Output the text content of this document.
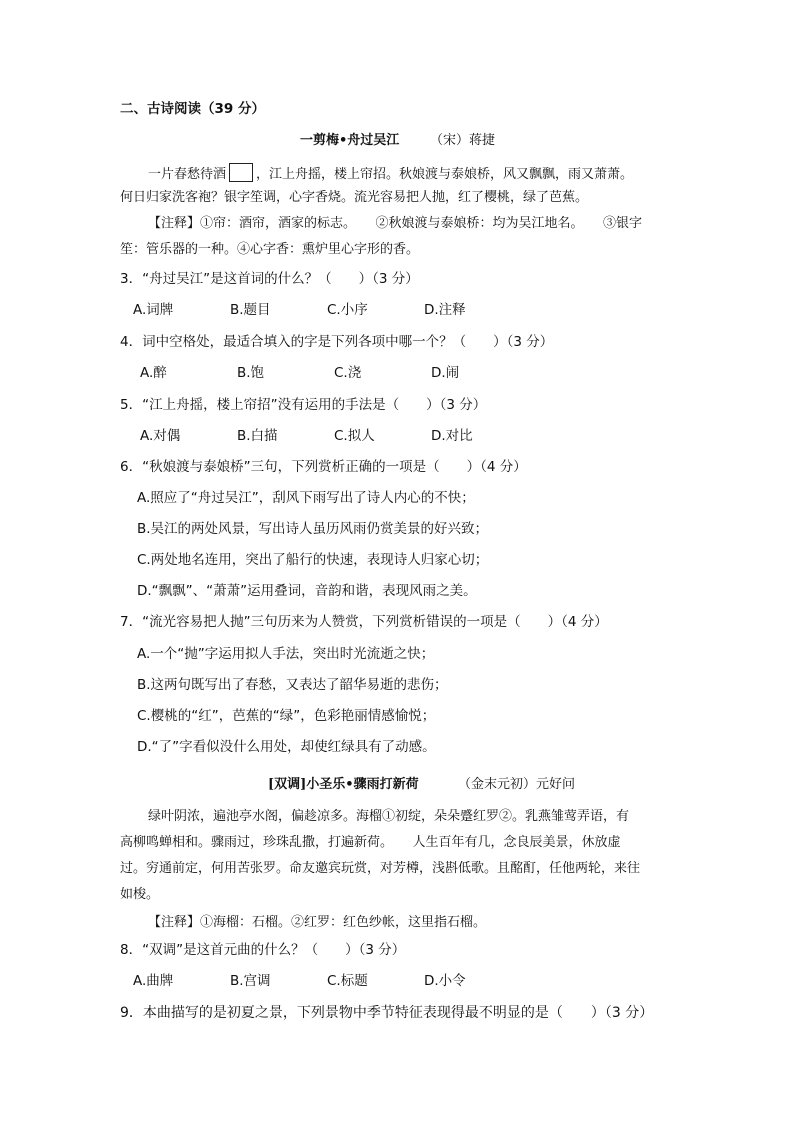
二、古诗阅读（39 分）
一剪梅•舟过吴江 （宋）蒋捷
一片春愁待酒 ，江上舟摇，楼上帘招。秋娘渡与泰娘桥，风又飘飘，雨又萧萧。
何日归家洗客袍？银字笙调，心字香烧。流光容易把人抛，红了樱桃，绿了芭蕉。
【注释】①帘：酒帘，酒家的标志。　　②秋娘渡与泰娘桥：均为吴江地名。　　③银字
笙：管乐器的一种。④心字香：熏炉里心字形的香。
3．“舟过吴江”是这首词的什么？（　　）（3 分）
A.词牌	B.题目	C.小序	D.注释
4．词中空格处，最适合填入的字是下列各项中哪一个？（　　）（3 分）
A.醉	B.饱	C.浇	D.闹
5．“江上舟摇，楼上帘招”没有运用的手法是（　　）（3 分）
A.对偶	B.白描	C.拟人	D.对比
6．“秋娘渡与泰娘桥”三句，下列赏析正确的一项是（　　）（4 分）
A.照应了“舟过吴江”，刮风下雨写出了诗人内心的不快；
B.吴江的两处风景，写出诗人虽历风雨仍赏美景的好兴致；
C.两处地名连用，突出了船行的快速，表现诗人归家心切；
D.“飘飘”、“萧萧”运用叠词，音韵和谐，表现风雨之美。
7．“流光容易把人抛”三句历来为人赞赏，下列赏析错误的一项是（　　）（4 分）
A.一个“抛”字运用拟人手法，突出时光流逝之快；
B.这两句既写出了春愁，又表达了韶华易逝的悲伤；
C.樱桃的“红”，芭蕉的“绿”，色彩艳丽情感愉悦；
D.“了”字看似没什么用处，却使红绿具有了动感。
[双调]小圣乐•骤雨打新荷	（金末元初）元好问
绿叶阴浓，遍池亭水阁，偏趁凉多。海榴①初绽，朵朵蹙红罗②。乳燕雏莺弄语，有
高柳鸣蝉相和。骤雨过，珍珠乱撒，打遍新荷。　　人生百年有几，念良辰美景，休放虚
过。穷通前定，何用苦张罗。命友邀宾玩赏，对芳樽，浅斟低歌。且酩酊，任他两轮，来往
如梭。
【注释】①海榴：石榴。②红罗：红色纱帐，这里指石榴。
8．“双调”是这首元曲的什么？（　　）（3 分）
A.曲牌	B.宫调	C.标题	D.小令
9．本曲描写的是初夏之景，下列景物中季节特征表现得最不明显的是（　　）（3 分）
